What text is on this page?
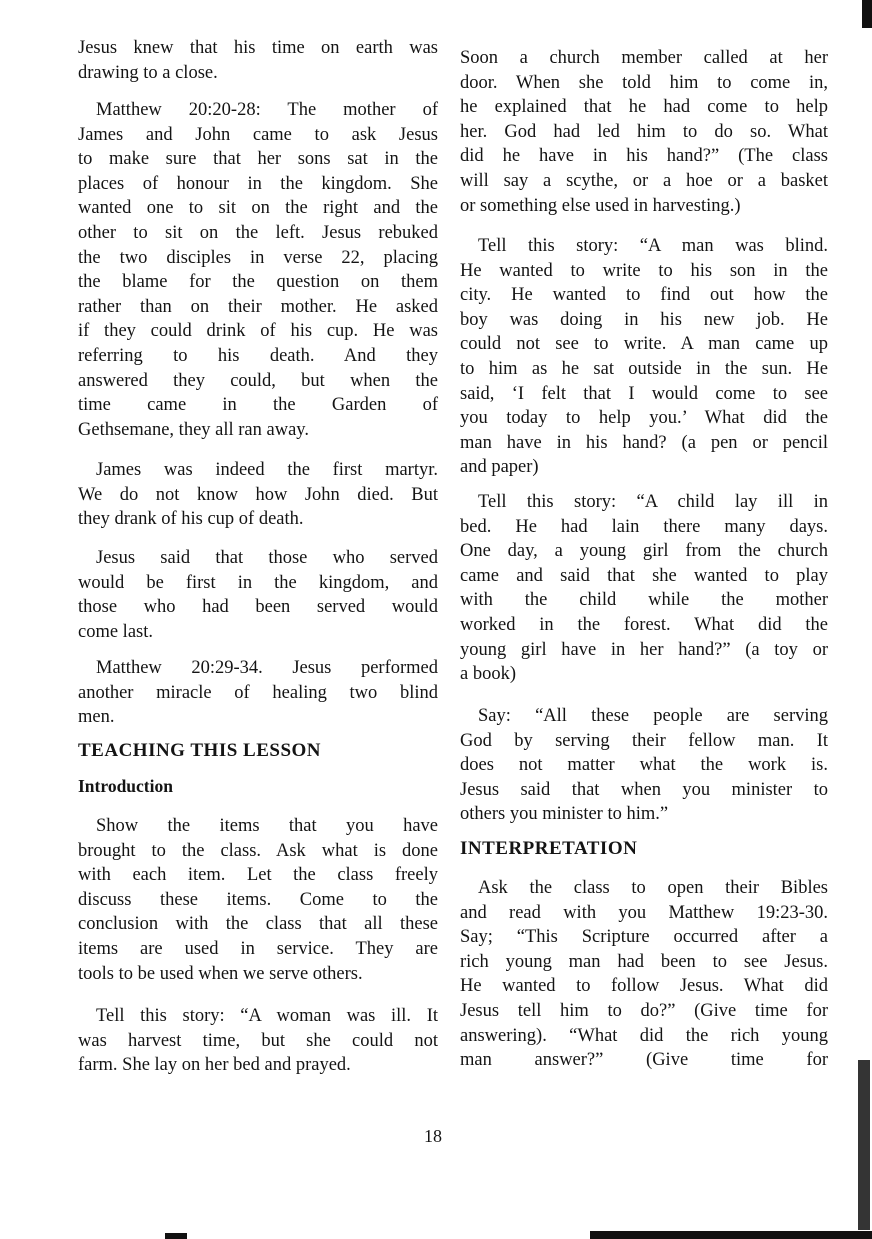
Jesus knew that his time on earth was
drawing to a close.
Matthew 20:20-28: The mother of
James and John came to ask Jesus
to make sure that her sons sat in the
places of honour in the kingdom. She
wanted one to sit on the right and the
other to sit on the left. Jesus rebuked
the two disciples in verse 22, placing
the blame for the question on them
rather than on their mother. He asked
if they could drink of his cup. He was
referring to his death. And they
answered they could, but when the
time came in the Garden of
Gethsemane, they all ran away.
James was indeed the first martyr.
We do not know how John died. But
they drank of his cup of death.
Jesus said that those who served
would be first in the kingdom, and
those who had been served would
come last.
Matthew 20:29-34. Jesus performed
another miracle of healing two blind
men.
TEACHING THIS LESSON
Introduction
Show the items that you have
brought to the class. Ask what is done
with each item. Let the class freely
discuss these items. Come to the
conclusion with the class that all these
items are used in service. They are
tools to be used when we serve others.
Tell this story: “A woman was ill. It
was harvest time, but she could not
farm. She lay on her bed and prayed.
Soon a church member called at her
door. When she told him to come in,
he explained that he had come to help
her. God had led him to do so. What
did he have in his hand?” (The class
will say a scythe, or a hoe or a basket
or something else used in harvesting.)
Tell this story: “A man was blind.
He wanted to write to his son in the
city. He wanted to find out how the
boy was doing in his new job. He
could not see to write. A man came up
to him as he sat outside in the sun. He
said, ‘I felt that I would come to see
you today to help you.’ What did the
man have in his hand? (a pen or pencil
and paper)
Tell this story: “A child lay ill in
bed. He had lain there many days.
One day, a young girl from the church
came and said that she wanted to play
with the child while the mother
worked in the forest. What did the
young girl have in her hand?” (a toy or
a book)
Say: “All these people are serving
God by serving their fellow man. It
does not matter what the work is.
Jesus said that when you minister to
others you minister to him.”
INTERPRETATION
Ask the class to open their Bibles
and read with you Matthew 19:23-30.
Say; “This Scripture occurred after a
rich young man had been to see Jesus.
He wanted to follow Jesus. What did
Jesus tell him to do?” (Give time for
answering). “What did the rich young
man answer?” (Give time for
18
